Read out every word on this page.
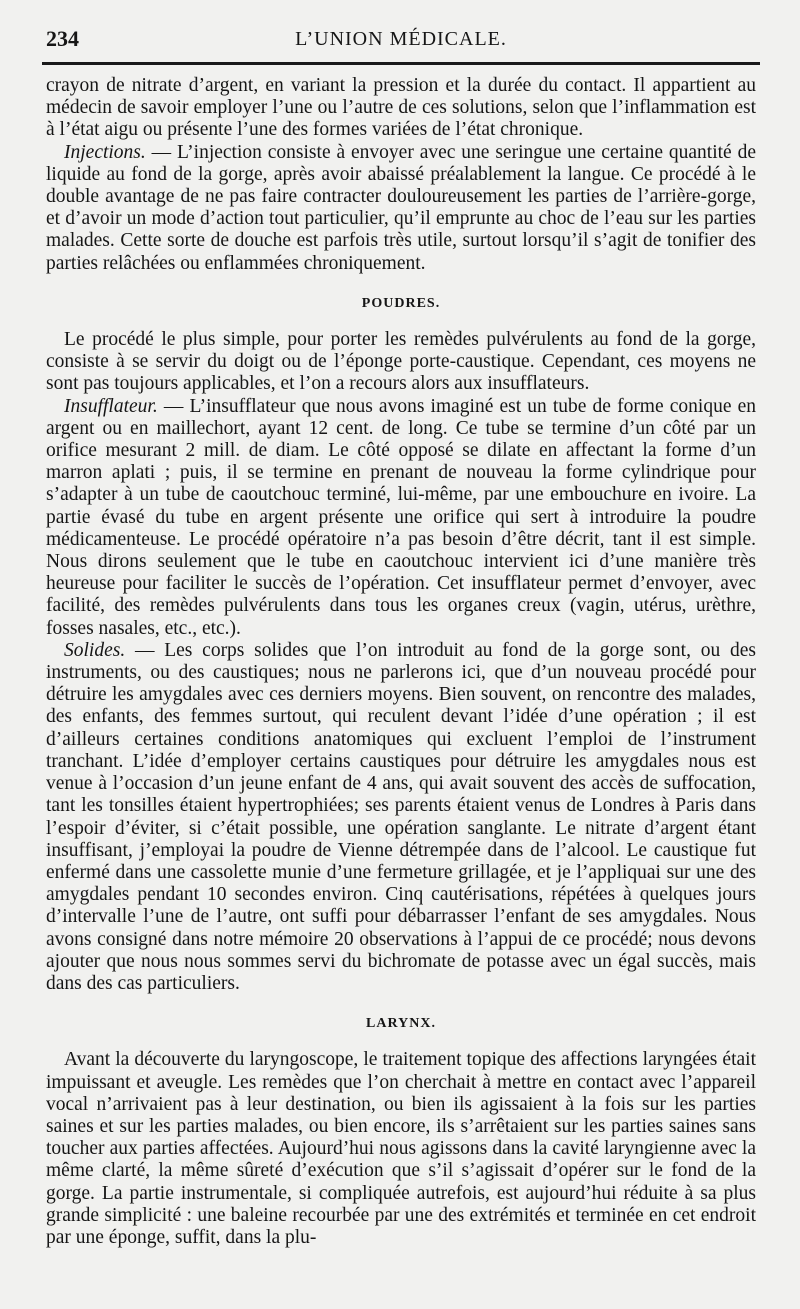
234	L’UNION MÉDICALE.

crayon de nitrate d’argent, en variant la pression et la durée du contact. Il appartient au médecin de savoir employer l’une ou l’autre de ces solutions, selon que l’inflammation est à l’état aigu ou présente l’une des formes variées de l’état chronique.

Injections. — L’injection consiste à envoyer avec une seringue une certaine quantité de liquide au fond de la gorge, après avoir abaissé préalablement la langue. Ce procédé à le double avantage de ne pas faire contracter douloureusement les parties de l’arrière-gorge, et d’avoir un mode d’action tout particulier, qu’il emprunte au choc de l’eau sur les parties malades. Cette sorte de douche est parfois très utile, surtout lorsqu’il s’agit de tonifier des parties relâchées ou enflammées chroniquement.

POUDRES.

Le procédé le plus simple, pour porter les remèdes pulvérulents au fond de la gorge, consiste à se servir du doigt ou de l’éponge porte-caustique. Cependant, ces moyens ne sont pas toujours applicables, et l’on a recours alors aux insufflateurs.

Insufflateur. — L’insufflateur que nous avons imaginé est un tube de forme conique en argent ou en maillechort, ayant 12 cent. de long. Ce tube se termine d’un côté par un orifice mesurant 2 mill. de diam. Le côté opposé se dilate en affectant la forme d’un marron aplati ; puis, il se termine en prenant de nouveau la forme cylindrique pour s’adapter à un tube de caoutchouc terminé, lui-même, par une embouchure en ivoire. La partie évasé du tube en argent présente une orifice qui sert à introduire la poudre médicamenteuse. Le procédé opératoire n’a pas besoin d’être décrit, tant il est simple. Nous dirons seulement que le tube en caoutchouc intervient ici d’une manière très heureuse pour faciliter le succès de l’opération. Cet insufflateur permet d’envoyer, avec facilité, des remèdes pulvérulents dans tous les organes creux (vagin, utérus, urèthre, fosses nasales, etc., etc.).

Solides. — Les corps solides que l’on introduit au fond de la gorge sont, ou des instruments, ou des caustiques; nous ne parlerons ici, que d’un nouveau procédé pour détruire les amygdales avec ces derniers moyens. Bien souvent, on rencontre des malades, des enfants, des femmes surtout, qui reculent devant l’idée d’une opération ; il est d’ailleurs certaines conditions anatomiques qui excluent l’emploi de l’instrument tranchant. L’idée d’employer certains caustiques pour détruire les amygdales nous est venue à l’occasion d’un jeune enfant de 4 ans, qui avait souvent des accès de suffocation, tant les tonsilles étaient hypertrophiées; ses parents étaient venus de Londres à Paris dans l’espoir d’éviter, si c’était possible, une opération sanglante. Le nitrate d’argent étant insuffisant, j’employai la poudre de Vienne détrempée dans de l’alcool. Le caustique fut enfermé dans une cassolette munie d’une fermeture grillagée, et je l’appliquai sur une des amygdales pendant 10 secondes environ. Cinq cautérisations, répétées à quelques jours d’intervalle l’une de l’autre, ont suffi pour débarrasser l’enfant de ses amygdales. Nous avons consigné dans notre mémoire 20 observations à l’appui de ce procédé; nous devons ajouter que nous nous sommes servi du bichromate de potasse avec un égal succès, mais dans des cas particuliers.

LARYNX.

Avant la découverte du laryngoscope, le traitement topique des affections laryngées était impuissant et aveugle. Les remèdes que l’on cherchait à mettre en contact avec l’appareil vocal n’arrivaient pas à leur destination, ou bien ils agissaient à la fois sur les parties saines et sur les parties malades, ou bien encore, ils s’arrêtaient sur les parties saines sans toucher aux parties affectées. Aujourd’hui nous agissons dans la cavité laryngienne avec la même clarté, la même sûreté d’exécution que s’il s’agissait d’opérer sur le fond de la gorge. La partie instrumentale, si compliquée autrefois, est aujourd’hui réduite à sa plus grande simplicité : une baleine recourbée par une des extrémités et terminée en cet endroit par une éponge, suffit, dans la plu-
